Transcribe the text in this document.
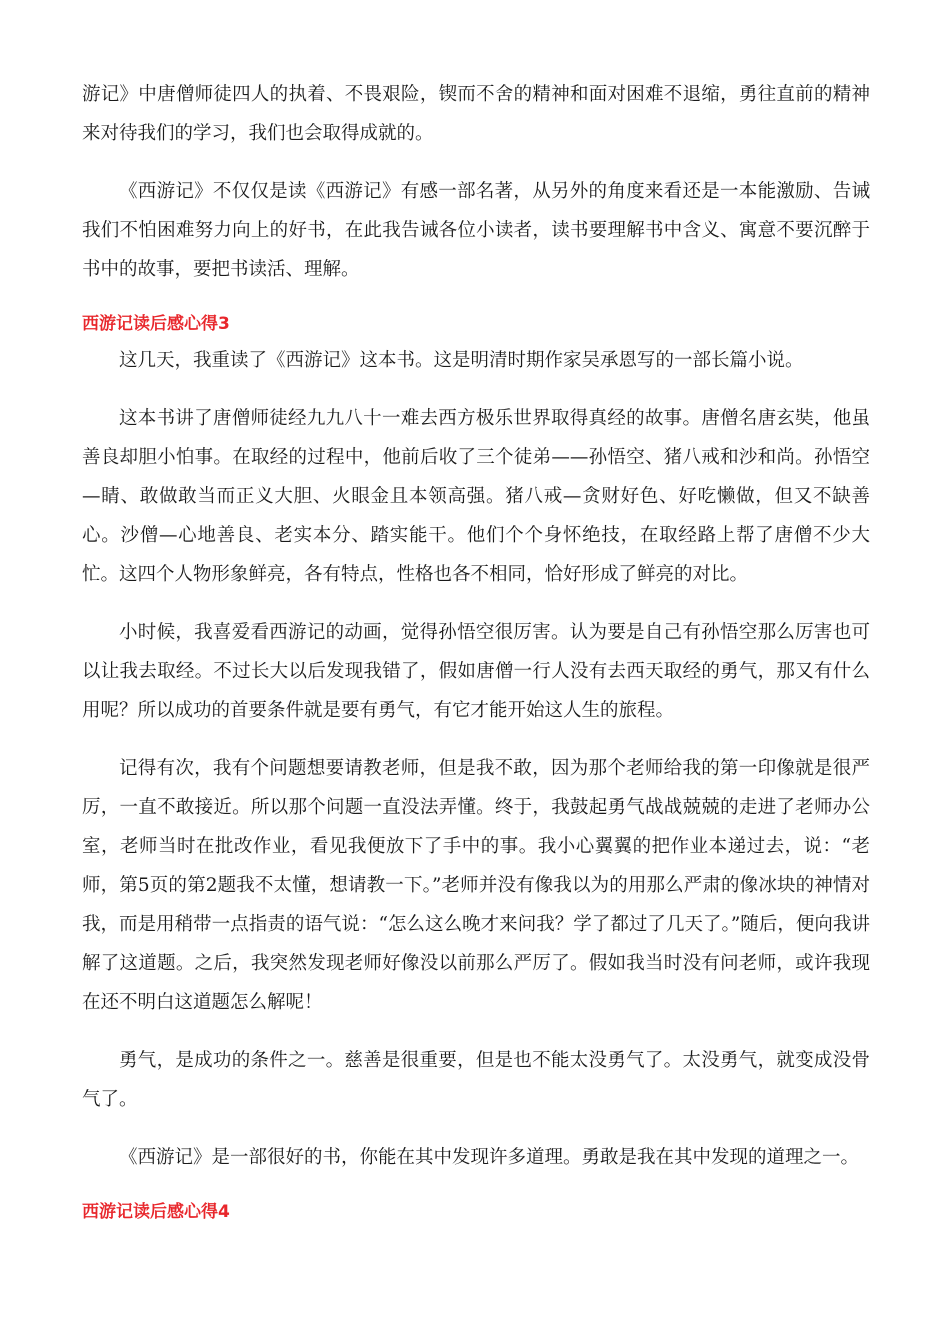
游记》中唐僧师徒四人的执着、不畏艰险，锲而不舍的精神和面对困难不退缩，勇往直前的精神来对待我们的学习，我们也会取得成就的。

《西游记》不仅仅是读《西游记》有感一部名著，从另外的角度来看还是一本能激励、告诫我们不怕困难努力向上的好书，在此我告诫各位小读者，读书要理解书中含义、寓意不要沉醉于书中的故事，要把书读活、理解。

西游记读后感心得3

这几天，我重读了《西游记》这本书。这是明清时期作家吴承恩写的一部长篇小说。

这本书讲了唐僧师徒经九九八十一难去西方极乐世界取得真经的故事。唐僧名唐玄奘，他虽善良却胆小怕事。在取经的过程中，他前后收了三个徒弟——孙悟空、猪八戒和沙和尚。孙悟空—睛、敢做敢当而正义大胆、火眼金且本领高强。猪八戒—贪财好色、好吃懒做，但又不缺善心。沙僧—心地善良、老实本分、踏实能干。他们个个身怀绝技，在取经路上帮了唐僧不少大忙。这四个人物形象鲜亮，各有特点，性格也各不相同，恰好形成了鲜亮的对比。

小时候，我喜爱看西游记的动画，觉得孙悟空很厉害。认为要是自己有孙悟空那么厉害也可以让我去取经。不过长大以后发现我错了，假如唐僧一行人没有去西天取经的勇气，那又有什么用呢？所以成功的首要条件就是要有勇气，有它才能开始这人生的旅程。

记得有次，我有个问题想要请教老师，但是我不敢，因为那个老师给我的第一印像就是很严厉，一直不敢接近。所以那个问题一直没法弄懂。终于，我鼓起勇气战战兢兢的走进了老师办公室，老师当时在批改作业，看见我便放下了手中的事。我小心翼翼的把作业本递过去，说：“老师，第5页的第2题我不太懂，想请教一下。”老师并没有像我以为的用那么严肃的像冰块的神情对我，而是用稍带一点指责的语气说：“怎么这么晚才来问我？学了都过了几天了。”随后，便向我讲解了这道题。之后，我突然发现老师好像没以前那么严厉了。假如我当时没有问老师，或许我现在还不明白这道题怎么解呢！

勇气，是成功的条件之一。慈善是很重要，但是也不能太没勇气了。太没勇气，就变成没骨气了。

《西游记》是一部很好的书，你能在其中发现许多道理。勇敢是我在其中发现的道理之一。

西游记读后感心得4
